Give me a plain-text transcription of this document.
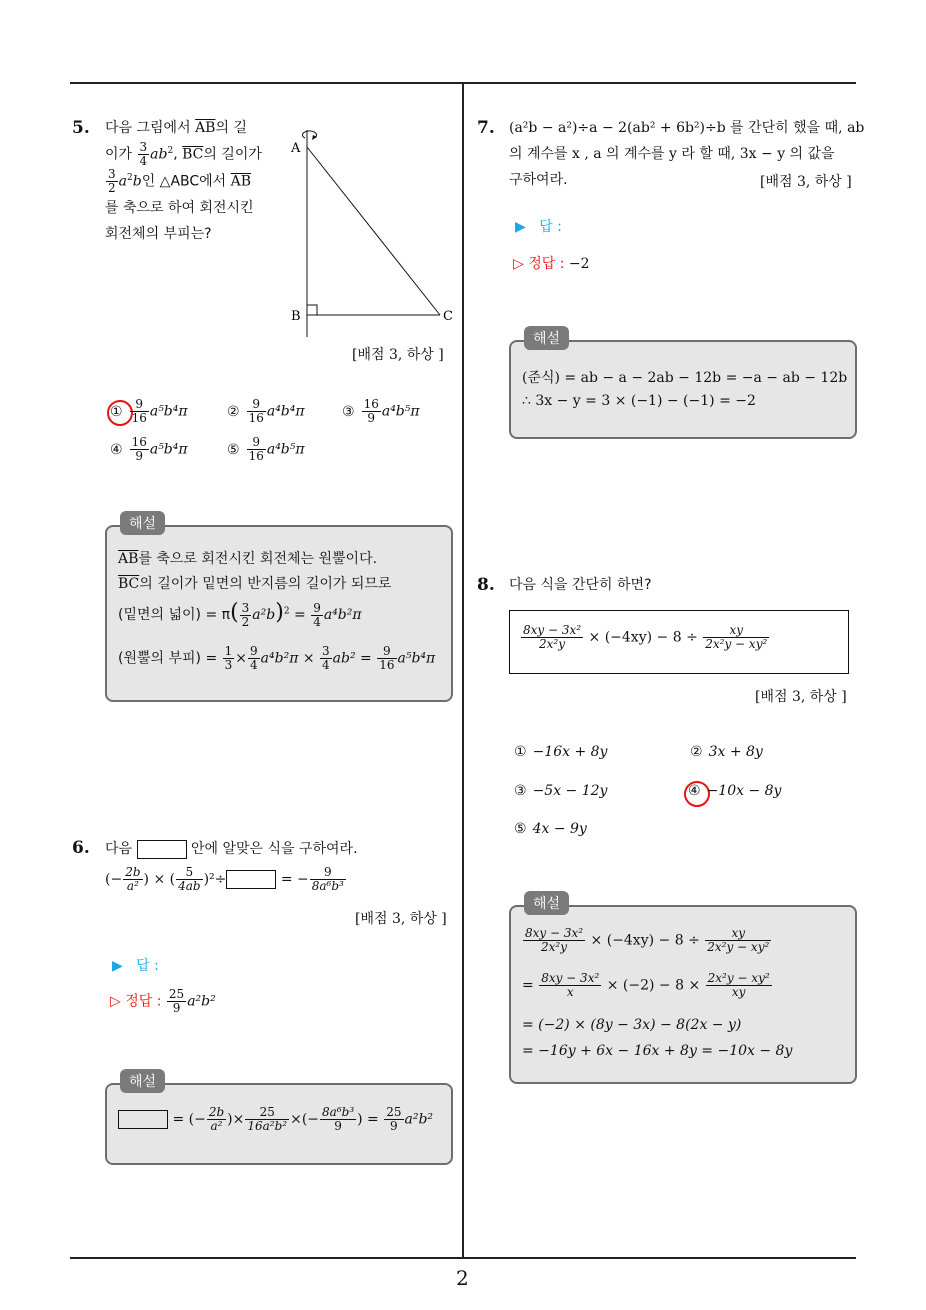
2
5. 다음 그림에서 $\overline{AB}$의 길
이가 $\frac{3}{4} ab^2$, $\overline{BC}$의 길이가
$\frac{3}{2} a^2b$인 △ABC에서 $\overline{AB}$
를 축으로 하여 회전시킨
회전체의 부피는?
A
B	C
[배점 3, 하상 ]
① $\frac{9}{16} a^5b^4\pi$	② $\frac{9}{16} a^4b^4\pi$	③ $\frac{16}{9} a^4b^5\pi$
④ $\frac{16}{9} a^5b^4\pi$	⑤ $\frac{9}{16} a^4b^5\pi$
해설
$\overline{AB}$를 축으로 회전시킨 회전체는 원뿔이다.
$\overline{BC}$의 길이가 밑면의 반지름의 길이가 되므로
(밑면의 넓이) = $\pi( \frac{3}{2} a^2b)^2 = \frac{9}{4} a^4b^2\pi$
(원뿔의 부피) = $\frac{1}{3} \times \frac{9}{4} a^4b^2\pi \times \frac{3}{4} ab^2 = \frac{9}{16} a^5b^4\pi$
6. 다음	안에 알맞은 식을 구하여라.
(− $\frac{2b}{\text{a²}}$ ) × ( $\frac{5}{4ab} )^2\div$	= − $\frac{9}{\text{8a⁶b³}}$
[배점 3, 하상 ]
▶ 답 :
▷ 정답 : $\frac{25}{9} a^2b^2$
해설
= (− $\frac{2b}{\text{a²}}$ )× $\frac{25}{\text{16a²b²}}$ ×(− $\frac{\text{8a⁶b³}}{9}$ ) = $\frac{25}{9} a^2b^2$
7. (a²b − a²)÷a − 2(ab² + 6b²)÷b 를 간단히 했을 때, ab
의 계수를 x , a 의 계수를 y 라 할 때, 3x − y 의 값을
구하여라.	[배점 3, 하상 ]
▶ 답 :
▷ 정답 : −2
해설
(준식) = ab − a − 2ab − 12b = −a − ab − 12b
∴ 3x − y = 3 × (−1) − (−1) = −2
8. 다음 식을 간단히 하면?
$\frac{\text{8xy − 3x²}}{\text{2x²y}} \times (-4xy) - 8 \div \frac{xy}{\text{2x²y − xy²}}$
[배점 3, 하상 ]
① −16x + 8y	② 3x + 8y
③ −5x − 12y	④ −10x − 8y
⑤ 4x − 9y
해설
$\frac{\text{8xy − 3x²}}{\text{2x²y}} \times (-4xy) - 8 \div \frac{xy}{\text{2x²y − xy²}}$
= $\frac{\text{8xy − 3x²}}{x} \times (-2) - 8 \times \frac{\text{2x²y − xy²}}{xy}$
= (−2) × (8y − 3x) − 8(2x − y)
= −16y + 6x − 16x + 8y = −10x − 8y
